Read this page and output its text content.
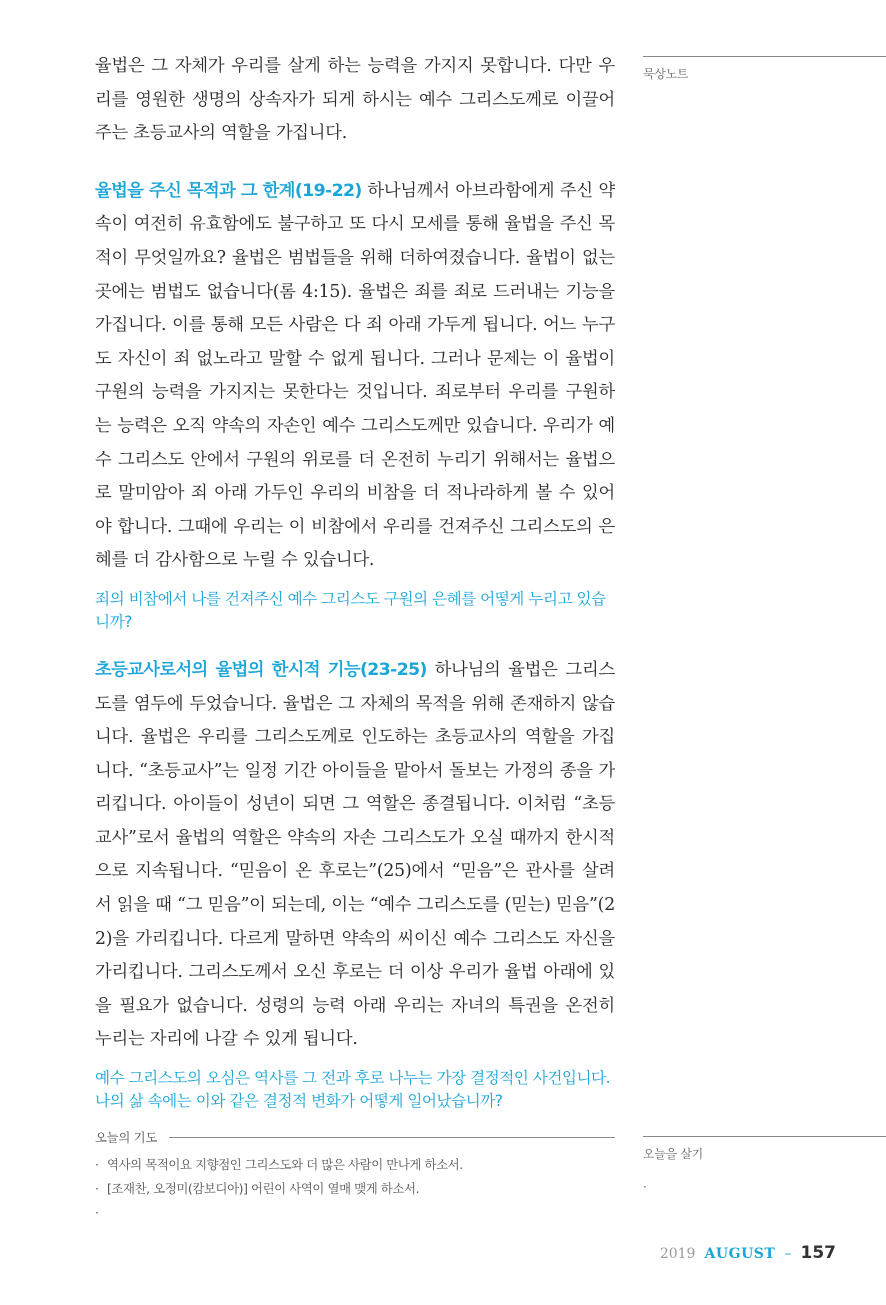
율법은 그 자체가 우리를 살게 하는 능력을 가지지 못합니다. 다만 우리를 영원한 생명의 상속자가 되게 하시는 예수 그리스도께로 이끌어 주는 초등교사의 역할을 가집니다.

율법을 주신 목적과 그 한계(19-22) 하나님께서 아브라함에게 주신 약속이 여전히 유효함에도 불구하고 또 다시 모세를 통해 율법을 주신 목적이 무엇일까요? 율법은 범법들을 위해 더하여졌습니다. 율법이 없는 곳에는 범법도 없습니다(롬 4:15). 율법은 죄를 죄로 드러내는 기능을 가집니다. 이를 통해 모든 사람은 다 죄 아래 가두게 됩니다. 어느 누구도 자신이 죄 없노라고 말할 수 없게 됩니다. 그러나 문제는 이 율법이 구원의 능력을 가지지는 못한다는 것입니다. 죄로부터 우리를 구원하는 능력은 오직 약속의 자손인 예수 그리스도께만 있습니다. 우리가 예수 그리스도 안에서 구원의 위로를 더 온전히 누리기 위해서는 율법으로 말미암아 죄 아래 가두인 우리의 비참을 더 적나라하게 볼 수 있어야 합니다. 그때에 우리는 이 비참에서 우리를 건져주신 그리스도의 은혜를 더 감사함으로 누릴 수 있습니다.

죄의 비참에서 나를 건져주신 예수 그리스도 구원의 은혜를 어떻게 누리고 있습니까?

초등교사로서의 율법의 한시적 기능(23-25) 하나님의 율법은 그리스도를 염두에 두었습니다. 율법은 그 자체의 목적을 위해 존재하지 않습니다. 율법은 우리를 그리스도께로 인도하는 초등교사의 역할을 가집니다. “초등교사”는 일정 기간 아이들을 맡아서 돌보는 가정의 종을 가리킵니다. 아이들이 성년이 되면 그 역할은 종결됩니다. 이처럼 “초등교사”로서 율법의 역할은 약속의 자손 그리스도가 오실 때까지 한시적으로 지속됩니다. “믿음이 온 후로는”(25)에서 “믿음”은 관사를 살려서 읽을 때 “그 믿음”이 되는데, 이는 “예수 그리스도를 (믿는) 믿음”(22)을 가리킵니다. 다르게 말하면 약속의 씨이신 예수 그리스도 자신을 가리킵니다. 그리스도께서 오신 후로는 더 이상 우리가 율법 아래에 있을 필요가 없습니다. 성령의 능력 아래 우리는 자녀의 특권을 온전히 누리는 자리에 나갈 수 있게 됩니다.

예수 그리스도의 오심은 역사를 그 전과 후로 나누는 가장 결정적인 사건입니다. 나의 삶 속에는 이와 같은 결정적 변화가 어떻게 일어났습니까?

묵상노트
오늘을 살기
·
오늘의 기도
· 역사의 목적이요 지향점인 그리스도와 더 많은 사람이 만나게 하소서.
· [조재찬, 오정미(캄보디아)] 어린이 사역이 열매 맺게 하소서.
·
2019 AUGUST – 157
